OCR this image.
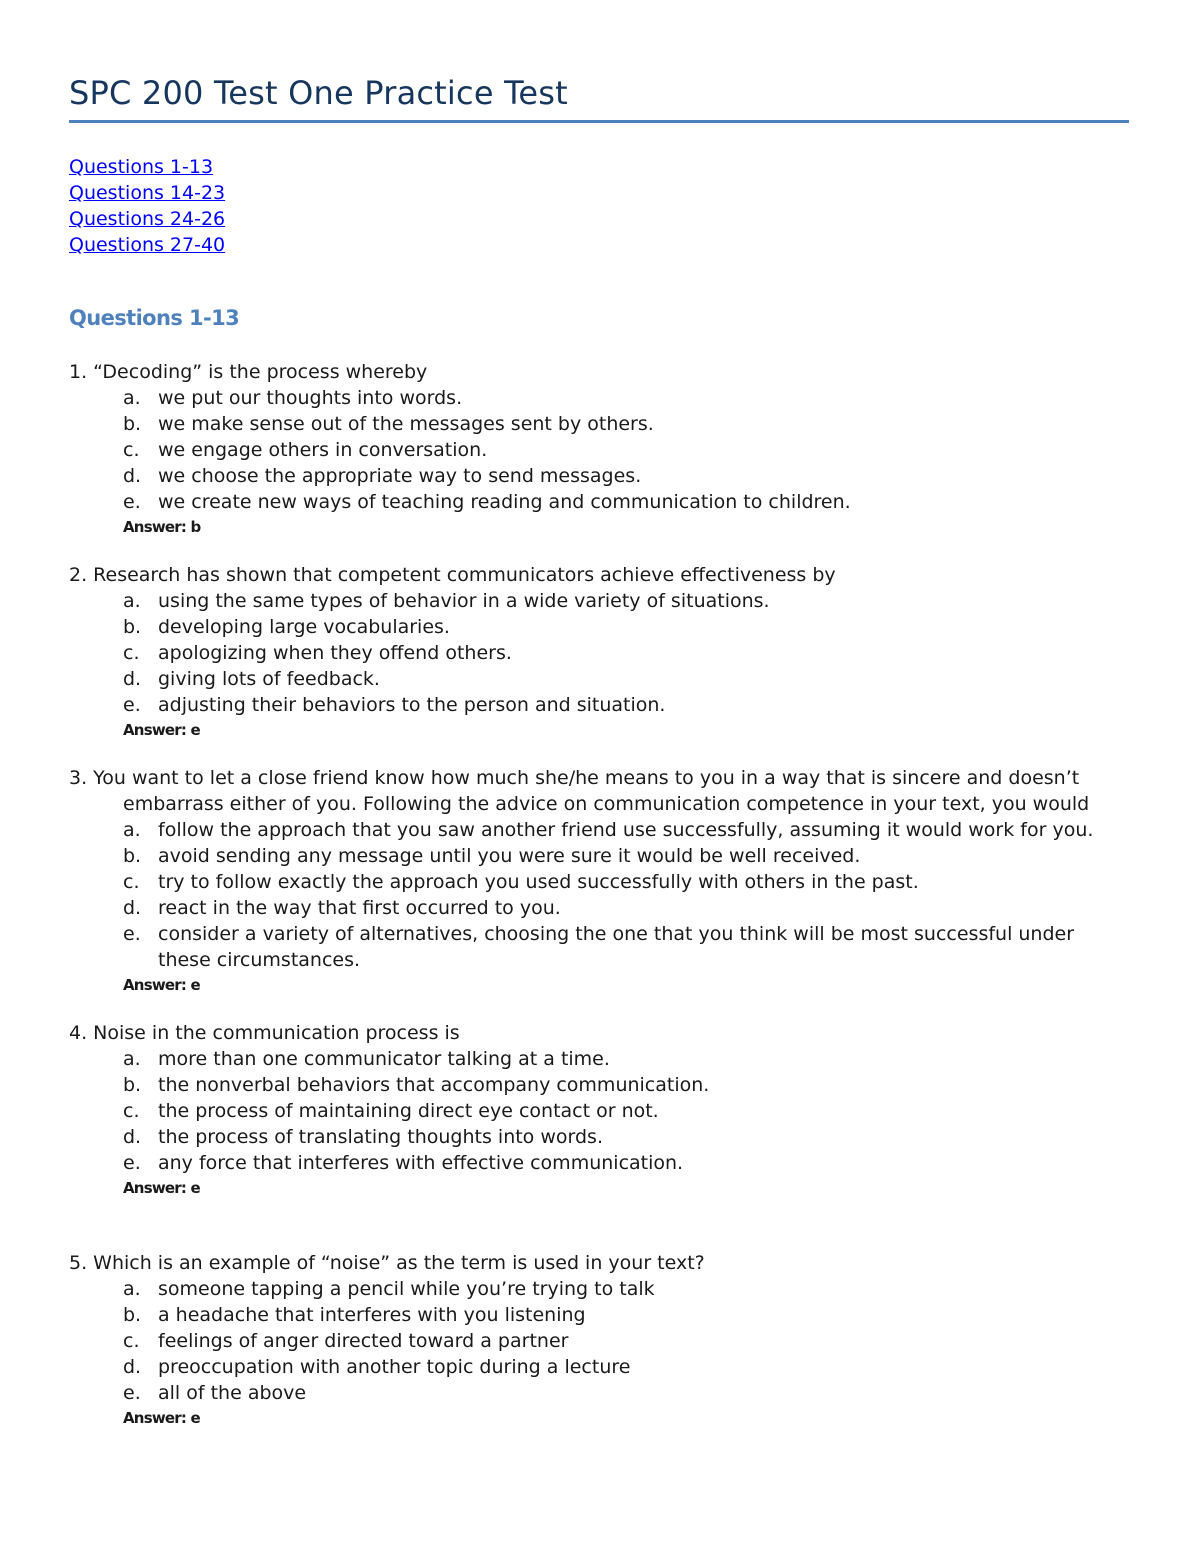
SPC 200 Test One Practice Test
Questions 1-13
Questions 14-23
Questions 24-26
Questions 27-40
Questions 1-13
1. “Decoding” is the process whereby
a. we put our thoughts into words.
b. we make sense out of the messages sent by others.
c. we engage others in conversation.
d. we choose the appropriate way to send messages.
e. we create new ways of teaching reading and communication to children.
Answer: b
2. Research has shown that competent communicators achieve effectiveness by
a. using the same types of behavior in a wide variety of situations.
b. developing large vocabularies.
c. apologizing when they offend others.
d. giving lots of feedback.
e. adjusting their behaviors to the person and situation.
Answer: e
3. You want to let a close friend know how much she/he means to you in a way that is sincere and doesn’t
embarrass either of you. Following the advice on communication competence in your text, you would
a. follow the approach that you saw another friend use successfully, assuming it would work for you.
b. avoid sending any message until you were sure it would be well received.
c. try to follow exactly the approach you used successfully with others in the past.
d. react in the way that first occurred to you.
e. consider a variety of alternatives, choosing the one that you think will be most successful under these circumstances.
Answer: e
4. Noise in the communication process is
a. more than one communicator talking at a time.
b. the nonverbal behaviors that accompany communication.
c. the process of maintaining direct eye contact or not.
d. the process of translating thoughts into words.
e. any force that interferes with effective communication.
Answer: e
5. Which is an example of “noise” as the term is used in your text?
a. someone tapping a pencil while you’re trying to talk
b. a headache that interferes with you listening
c. feelings of anger directed toward a partner
d. preoccupation with another topic during a lecture
e. all of the above
Answer: e
